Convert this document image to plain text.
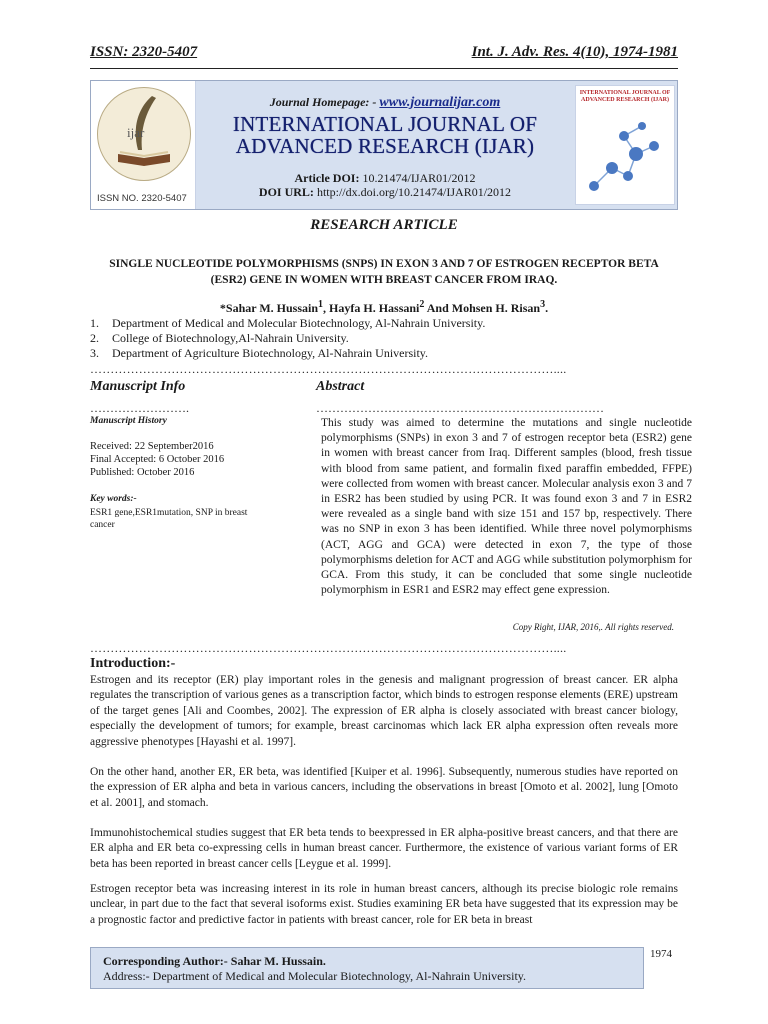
ISSN: 2320-5407	Int. J. Adv. Res. 4(10), 1974-1981
ijar
ISSN NO. 2320-5407
Journal Homepage: - www.journalijar.com
INTERNATIONAL JOURNAL OF
ADVANCED RESEARCH (IJAR)
Article DOI: 10.21474/IJAR01/2012
DOI URL: http://dx.doi.org/10.21474/IJAR01/2012
INTERNATIONAL JOURNAL OF ADVANCED RESEARCH (IJAR)
RESEARCH ARTICLE
SINGLE NUCLEOTIDE POLYMORPHISMS (SNPS) IN EXON 3 AND 7 OF ESTROGEN RECEPTOR BETA (ESR2) GENE IN WOMEN WITH BREAST CANCER FROM IRAQ.
*Sahar M. Hussain$^1$, Hayfa H. Hassani$^2$ And Mohsen H. Risan$^3$.
1. Department of Medical and Molecular Biotechnology, Al-Nahrain University.
2. College of Biotechnology,Al-Nahrain University.
3. Department of Agriculture Biotechnology, Al-Nahrain University.
……………………………………………………………………………………………………....
Manuscript Info
…………………….
Manuscript History
Received: 22 September2016
Final Accepted: 6 October 2016
Published: October 2016
Key words:-
ESR1 gene,ESR1mutation, SNP in breast cancer
Abstract
………………………………………………………………
This study was aimed to determine the mutations and single nucleotide polymorphisms (SNPs) in exon 3 and 7 of estrogen receptor beta (ESR2) gene in women with breast cancer from Iraq. Different samples (blood, fresh tissue with blood from same patient, and formalin fixed paraffin embedded, FFPE) were collected from women with breast cancer. Molecular analysis exon 3 and 7 in ESR2 has been studied by using PCR. It was found exon 3 and 7 in ESR2 were revealed as a single band with size 151 and 157 bp, respectively. There was no SNP in exon 3 has been identified. While three novel polymorphisms (ACT, AGG and GCA) were detected in exon 7, the type of those polymorphisms deletion for ACT and AGG while substitution polymorphism for GCA. From this study, it can be concluded that some single nucleotide polymorphism in ESR1 and ESR2 may effect gene expression.
Copy Right, IJAR, 2016,. All rights reserved.
……………………………………………………………………………………………………....
Introduction:-
Estrogen and its receptor (ER) play important roles in the genesis and malignant progression of breast cancer. ER alpha regulates the transcription of various genes as a transcription factor, which binds to estrogen response elements (ERE) upstream of the target genes [Ali and Coombes, 2002]. The expression of ER alpha is closely associated with breast cancer biology, especially the development of tumors; for example, breast carcinomas which lack ER alpha expression often reveals more aggressive phenotypes [Hayashi et al. 1997].
On the other hand, another ER, ER beta, was identified [Kuiper et al. 1996]. Subsequently, numerous studies have reported on the expression of ER alpha and beta in various cancers, including the observations in breast [Omoto et al. 2002], lung [Omoto et al. 2001], and stomach.
Immunohistochemical studies suggest that ER beta tends to beexpressed in ER alpha-positive breast cancers, and that there are ER alpha and ER beta co-expressing cells in human breast cancer. Furthermore, the existence of various variant forms of ER beta has been reported in breast cancer cells [Leygue et al. 1999].
Estrogen receptor beta was increasing interest in its role in human breast cancers, although its precise biologic role remains unclear, in part due to the fact that several isoforms exist. Studies examining ER beta have suggested that its expression may be a prognostic factor and predictive factor in patients with breast cancer, role for ER beta in breast
Corresponding Author:- Sahar M. Hussain.
Address:- Department of Medical and Molecular Biotechnology, Al-Nahrain University.
1974
